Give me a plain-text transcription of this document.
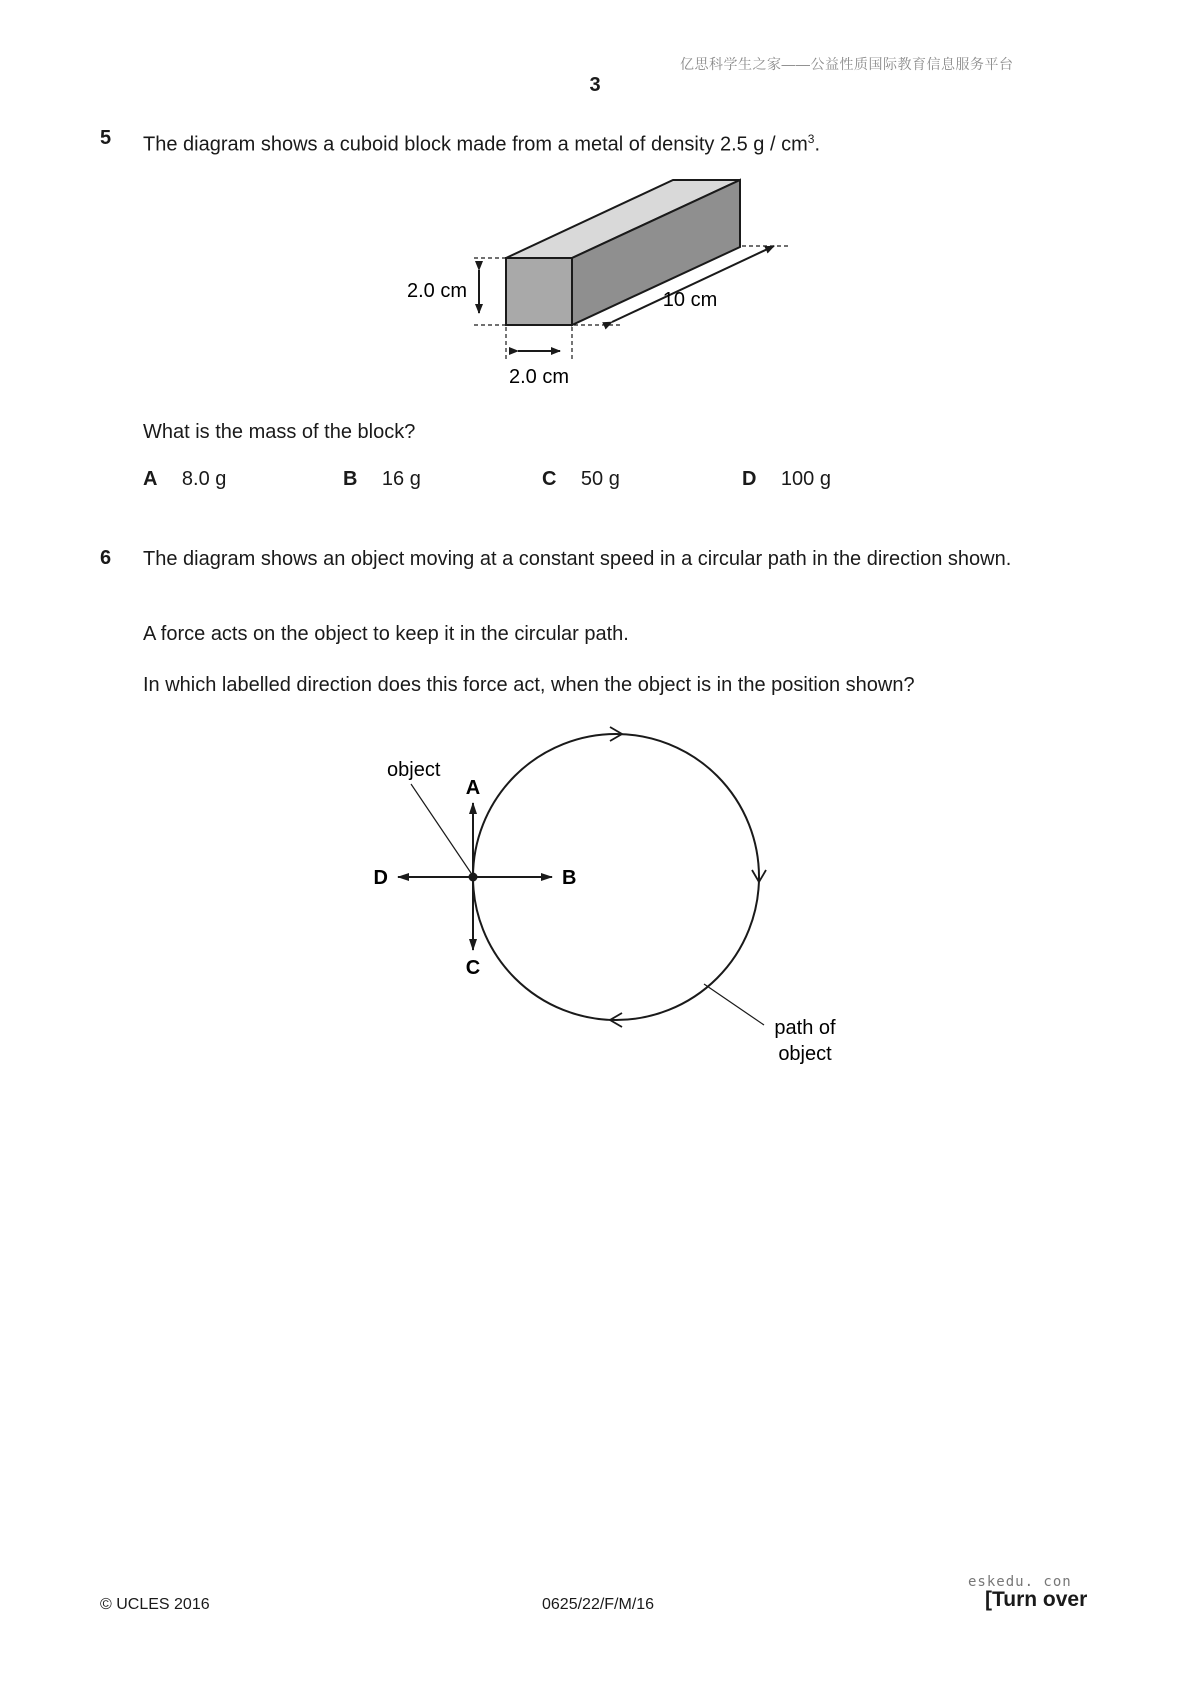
亿思科学生之家——公益性质国际教育信息服务平台
3
5 The diagram shows a cuboid block made from a metal of density 2.5 g / $cm^3$.
2.0 cm
2.0 cm
10 cm
What is the mass of the block?
A 8.0 g	B 16 g	C 50 g	D 100 g
6 The diagram shows an object moving at a constant speed in a circular path in the direction shown.
A force acts on the object to keep it in the circular path.
In which labelled direction does this force act, when the object is in the position shown?
object
A
B
C
D
path of
object
© UCLES 2016	0625/22/F/M/16
eskedu. con
[Turn over
